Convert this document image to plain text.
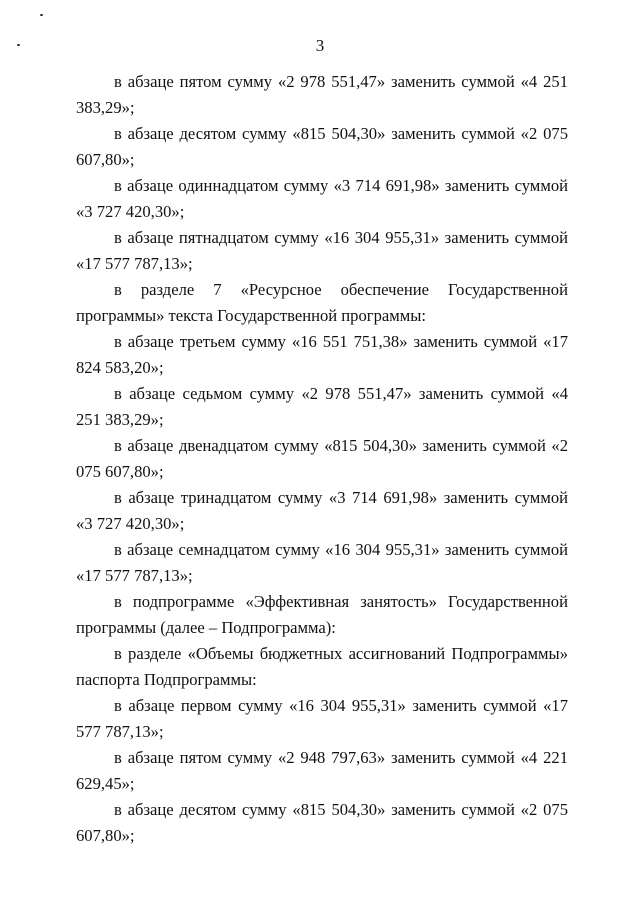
3

в абзаце пятом сумму «2 978 551,47» заменить суммой «4 251 383,29»;

в абзаце десятом сумму «815 504,30» заменить суммой «2 075 607,80»;

в абзаце одиннадцатом сумму «3 714 691,98» заменить суммой «3 727 420,30»;

в абзаце пятнадцатом сумму «16 304 955,31» заменить суммой «17 577 787,13»;

в разделе 7 «Ресурсное обеспечение Государственной программы» текста Государственной программы:

в абзаце третьем сумму «16 551 751,38» заменить суммой «17 824 583,20»;

в абзаце седьмом сумму «2 978 551,47» заменить суммой «4 251 383,29»;

в абзаце двенадцатом сумму «815 504,30» заменить суммой «2 075 607,80»;

в абзаце тринадцатом сумму «3 714 691,98» заменить суммой «3 727 420,30»;

в абзаце семнадцатом сумму «16 304 955,31» заменить суммой «17 577 787,13»;

в подпрограмме «Эффективная занятость» Государственной программы (далее – Подпрограмма):

в разделе «Объемы бюджетных ассигнований Подпрограммы» паспорта Подпрограммы:

в абзаце первом сумму «16 304 955,31» заменить суммой «17 577 787,13»;

в абзаце пятом сумму «2 948 797,63» заменить суммой «4 221 629,45»;

в абзаце десятом сумму «815 504,30» заменить суммой «2 075 607,80»;
